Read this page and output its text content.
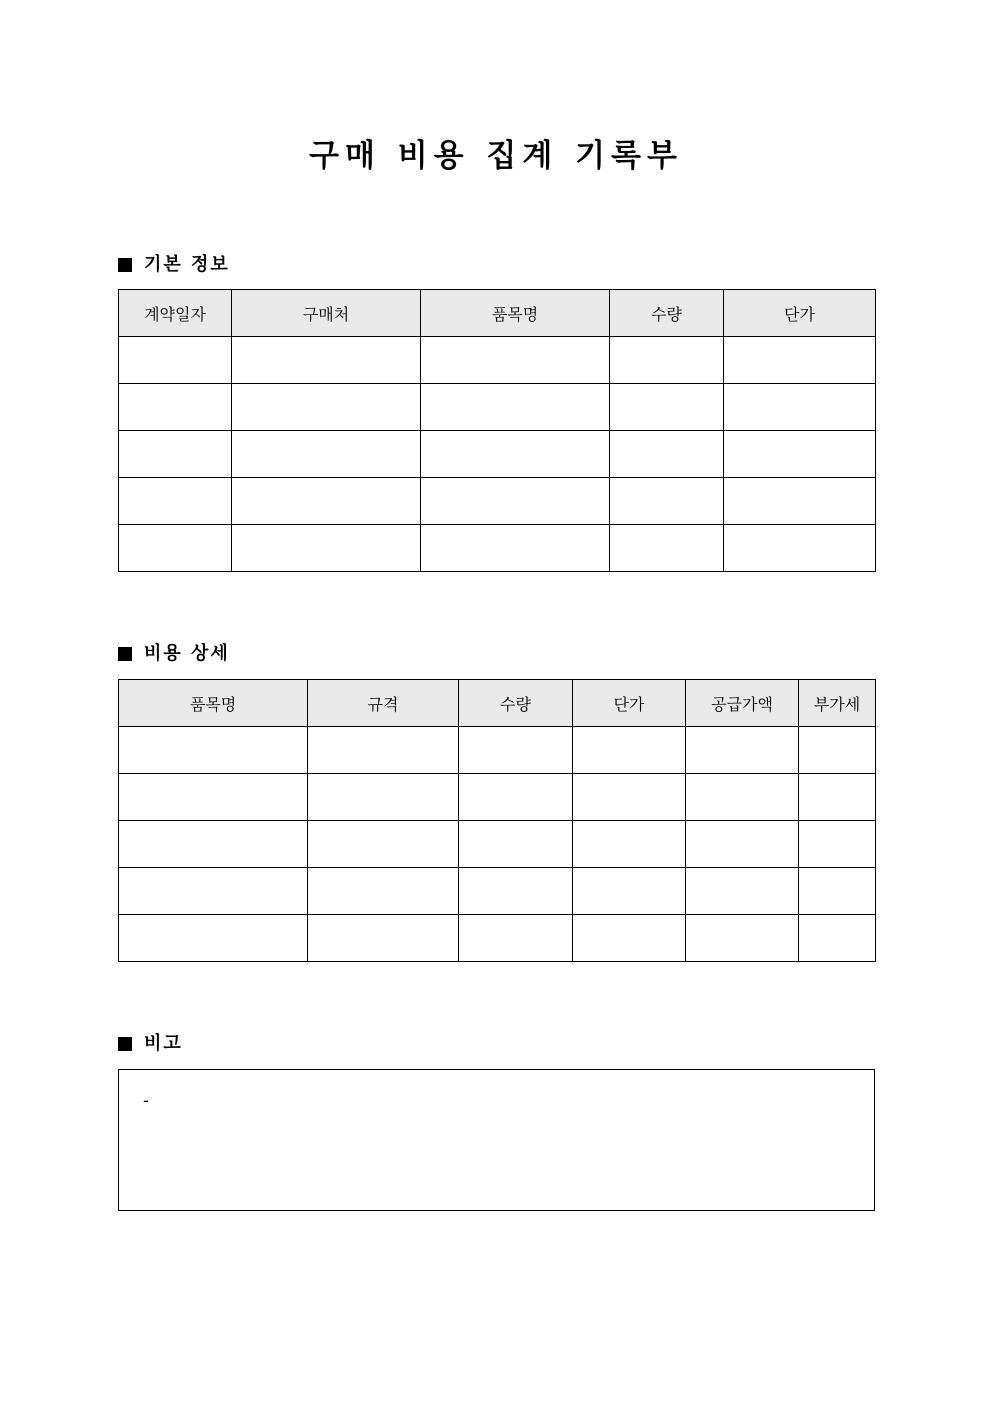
구매 비용 집계 기록부
기본 정보
계약일자	구매처	품목명	수량	단가

비용 상세
품목명	규격	수량	단가	공급가액	부가세

비고
-
